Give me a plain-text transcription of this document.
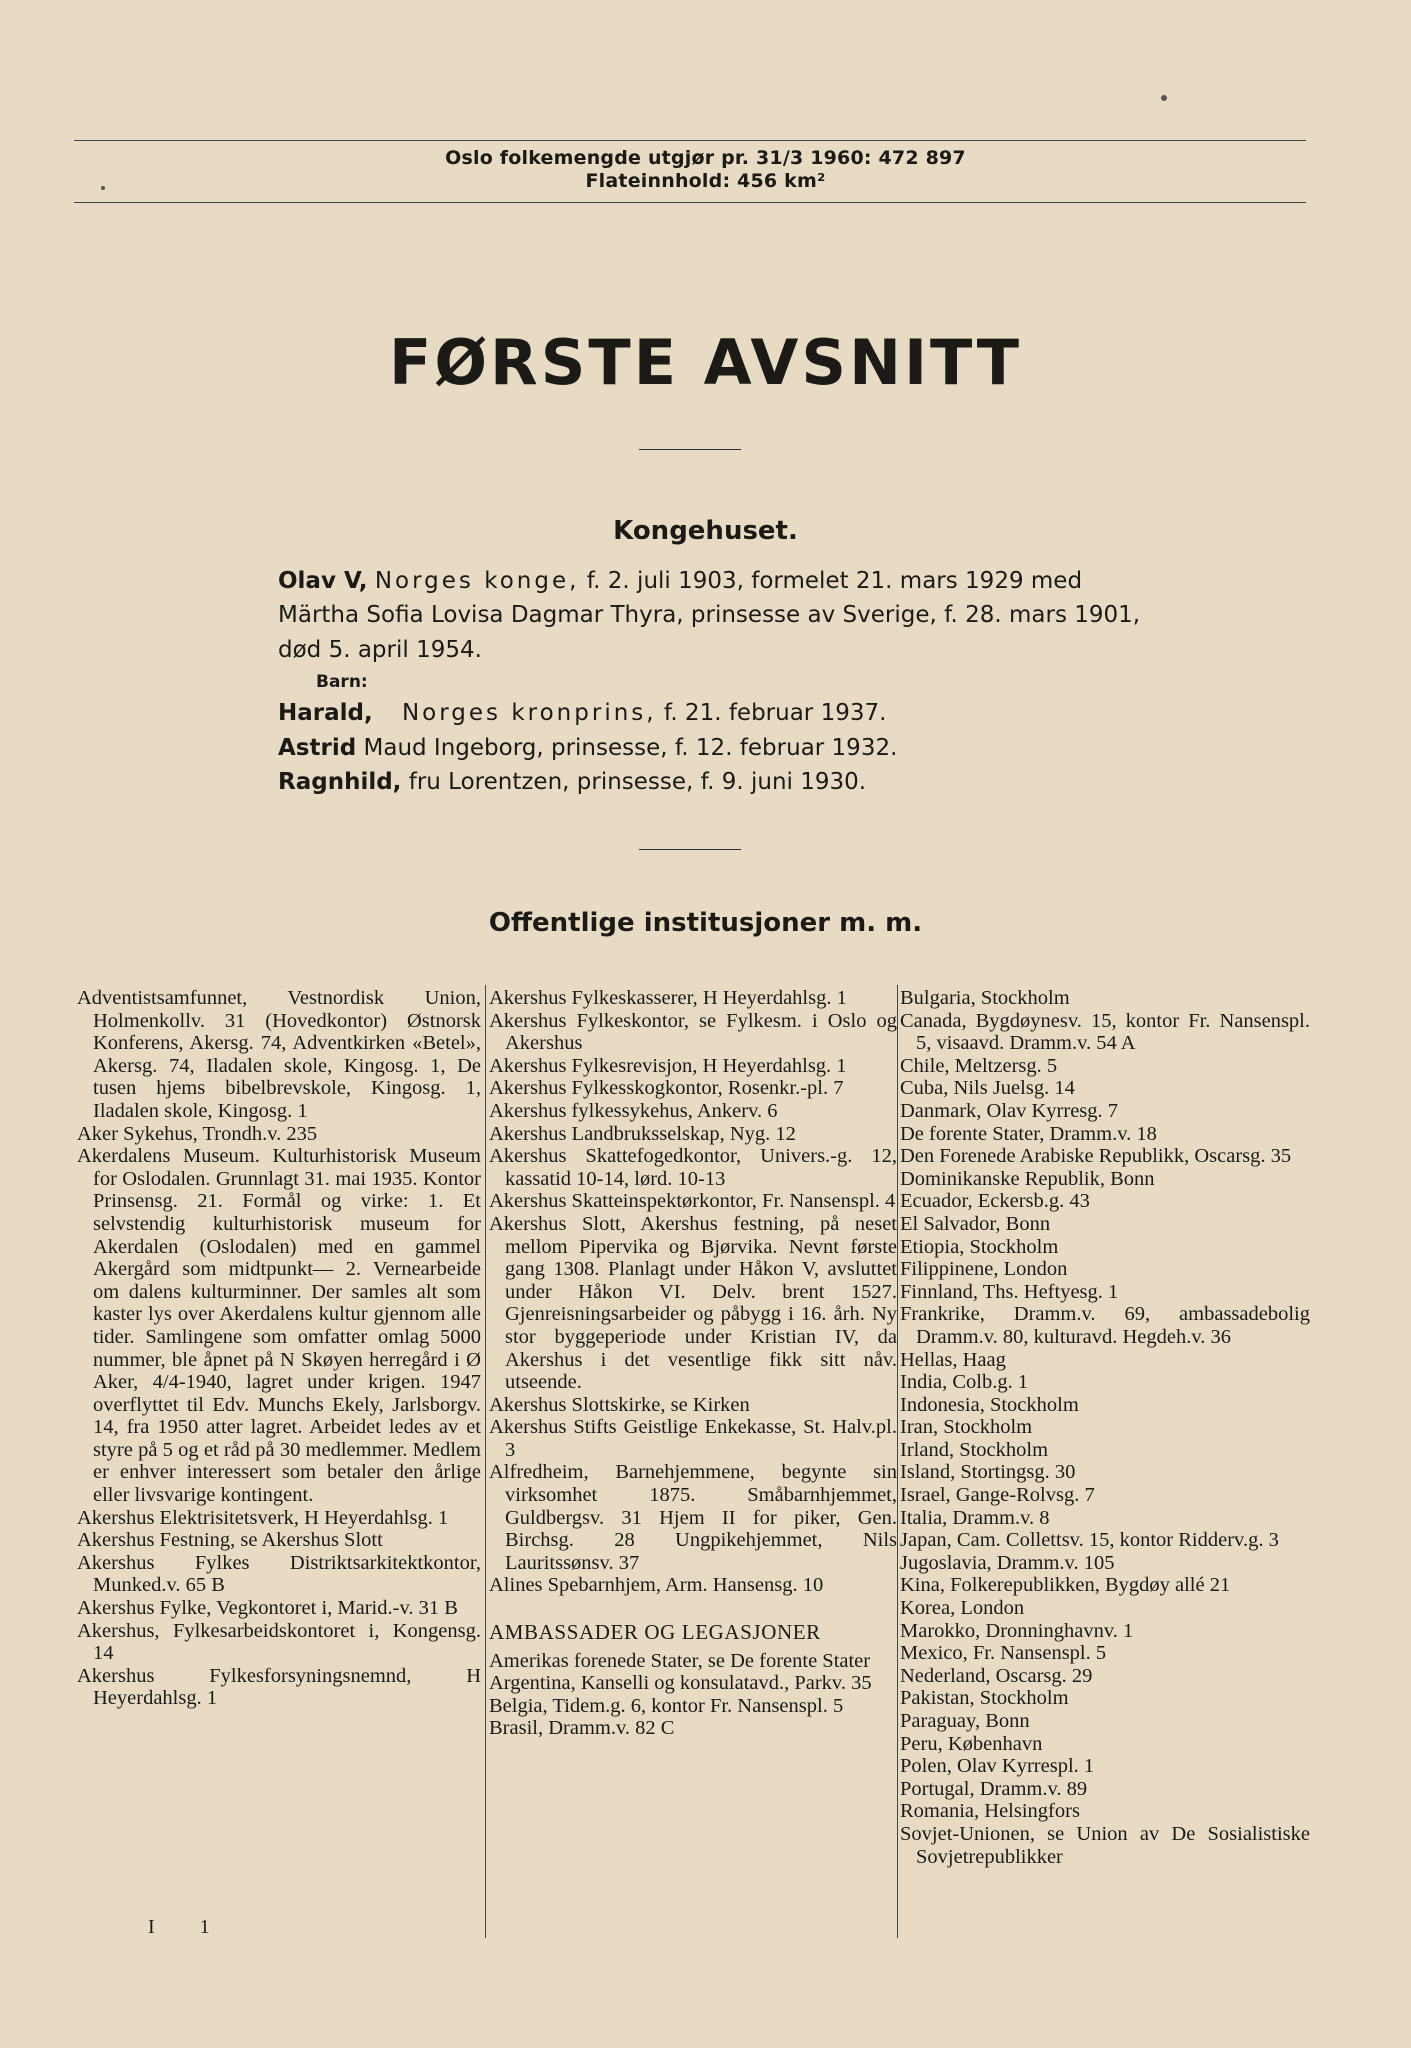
Oslo folkemengde utgjør pr. 31/3 1960: 472 897
Flateinnhold: 456 km²
FØRSTE AVSNITT
Kongehuset.
Olav V, Norges konge, f. 2. juli 1903, formelet 21. mars 1929 med
Märtha Sofia Lovisa Dagmar Thyra, prinsesse av Sverige, f. 28. mars 1901,
død 5. april 1954.
Barn:
Harald, Norges kronprins, f. 21. februar 1937.
Astrid Maud Ingeborg, prinsesse, f. 12. februar 1932.
Ragnhild, fru Lorentzen, prinsesse, f. 9. juni 1930.
Offentlige institusjoner m. m.
Adventistsamfunnet, Vestnordisk Union, Holmenkollv. 31 (Hovedkontor) Østnorsk Konferens, Akersg. 74, Adventkirken «Betel», Akersg. 74, Iladalen skole, Kingosg. 1, De tusen hjems bibelbrevskole, Kingosg. 1, Iladalen skole, Kingosg. 1
Aker Sykehus, Trondh.v. 235
Akerdalens Museum. Kulturhistorisk Museum for Oslodalen. Grunnlagt 31. mai 1935. Kontor Prinsensg. 21. Formål og virke: 1. Et selvstendig kulturhistorisk museum for Akerdalen (Oslodalen) med en gammel Akergård som midtpunkt— 2. Vernearbeide om dalens kulturminner. Der samles alt som kaster lys over Akerdalens kultur gjennom alle tider. Samlingene som omfatter omlag 5000 nummer, ble åpnet på N Skøyen herregård i Ø Aker, 4/4-1940, lagret under krigen. 1947 overflyttet til Edv. Munchs Ekely, Jarlsborgv. 14, fra 1950 atter lagret. Arbeidet ledes av et styre på 5 og et råd på 30 medlemmer. Medlem er enhver interessert som betaler den årlige eller livsvarige kontingent.
Akershus Elektrisitetsverk, H Heyerdahlsg. 1
Akershus Festning, se Akershus Slott
Akershus Fylkes Distriktsarkitektkontor, Munked.v. 65 B
Akershus Fylke, Vegkontoret i, Marid.-v. 31 B
Akershus, Fylkesarbeidskontoret i, Kongensg. 14
Akershus Fylkesforsyningsnemnd, H Heyerdahlsg. 1
Akershus Fylkeskasserer, H Heyerdahlsg. 1
Akershus Fylkeskontor, se Fylkesm. i Oslo og Akershus
Akershus Fylkesrevisjon, H Heyerdahlsg. 1
Akershus Fylkesskogkontor, Rosenkr.-pl. 7
Akershus fylkessykehus, Ankerv. 6
Akershus Landbruksselskap, Nyg. 12
Akershus Skattefogedkontor, Univers.-g. 12, kassatid 10-14, lørd. 10-13
Akershus Skatteinspektørkontor, Fr. Nansenspl. 4
Akershus Slott, Akershus festning, på neset mellom Pipervika og Bjørvika. Nevnt første gang 1308. Planlagt under Håkon V, avsluttet under Håkon VI. Delv. brent 1527. Gjenreisningsarbeider og påbygg i 16. årh. Ny stor byggeperiode under Kristian IV, da Akershus i det vesentlige fikk sitt nåv. utseende.
Akershus Slottskirke, se Kirken
Akershus Stifts Geistlige Enkekasse, St. Halv.pl. 3
Alfredheim, Barnehjemmene, begynte sin virksomhet 1875. Småbarnhjemmet, Guldbergsv. 31 Hjem II for piker, Gen. Birchsg. 28 Ungpikehjemmet, Nils Lauritssønsv. 37
Alines Spebarnhjem, Arm. Hansensg. 10
AMBASSADER OG LEGASJONER
Amerikas forenede Stater, se De forente Stater
Argentina, Kanselli og konsulatavd., Parkv. 35
Belgia, Tidem.g. 6, kontor Fr. Nansenspl. 5
Brasil, Dramm.v. 82 C
Bulgaria, Stockholm
Canada, Bygdøynesv. 15, kontor Fr. Nansenspl. 5, visaavd. Dramm.v. 54 A
Chile, Meltzersg. 5
Cuba, Nils Juelsg. 14
Danmark, Olav Kyrresg. 7
De forente Stater, Dramm.v. 18
Den Forenede Arabiske Republikk, Oscarsg. 35
Dominikanske Republik, Bonn
Ecuador, Eckersb.g. 43
El Salvador, Bonn
Etiopia, Stockholm
Filippinene, London
Finnland, Ths. Heftyesg. 1
Frankrike, Dramm.v. 69, ambassadebolig Dramm.v. 80, kulturavd. Hegdeh.v. 36
Hellas, Haag
India, Colb.g. 1
Indonesia, Stockholm
Iran, Stockholm
Irland, Stockholm
Island, Stortingsg. 30
Israel, Gange-Rolvsg. 7
Italia, Dramm.v. 8
Japan, Cam. Collettsv. 15, kontor Ridderv.g. 3
Jugoslavia, Dramm.v. 105
Kina, Folkerepublikken, Bygdøy allé 21
Korea, London
Marokko, Dronninghavnv. 1
Mexico, Fr. Nansenspl. 5
Nederland, Oscarsg. 29
Pakistan, Stockholm
Paraguay, Bonn
Peru, København
Polen, Olav Kyrrespl. 1
Portugal, Dramm.v. 89
Romania, Helsingfors
Sovjet-Unionen, se Union av De Sosialistiske Sovjetrepublikker
I 1
